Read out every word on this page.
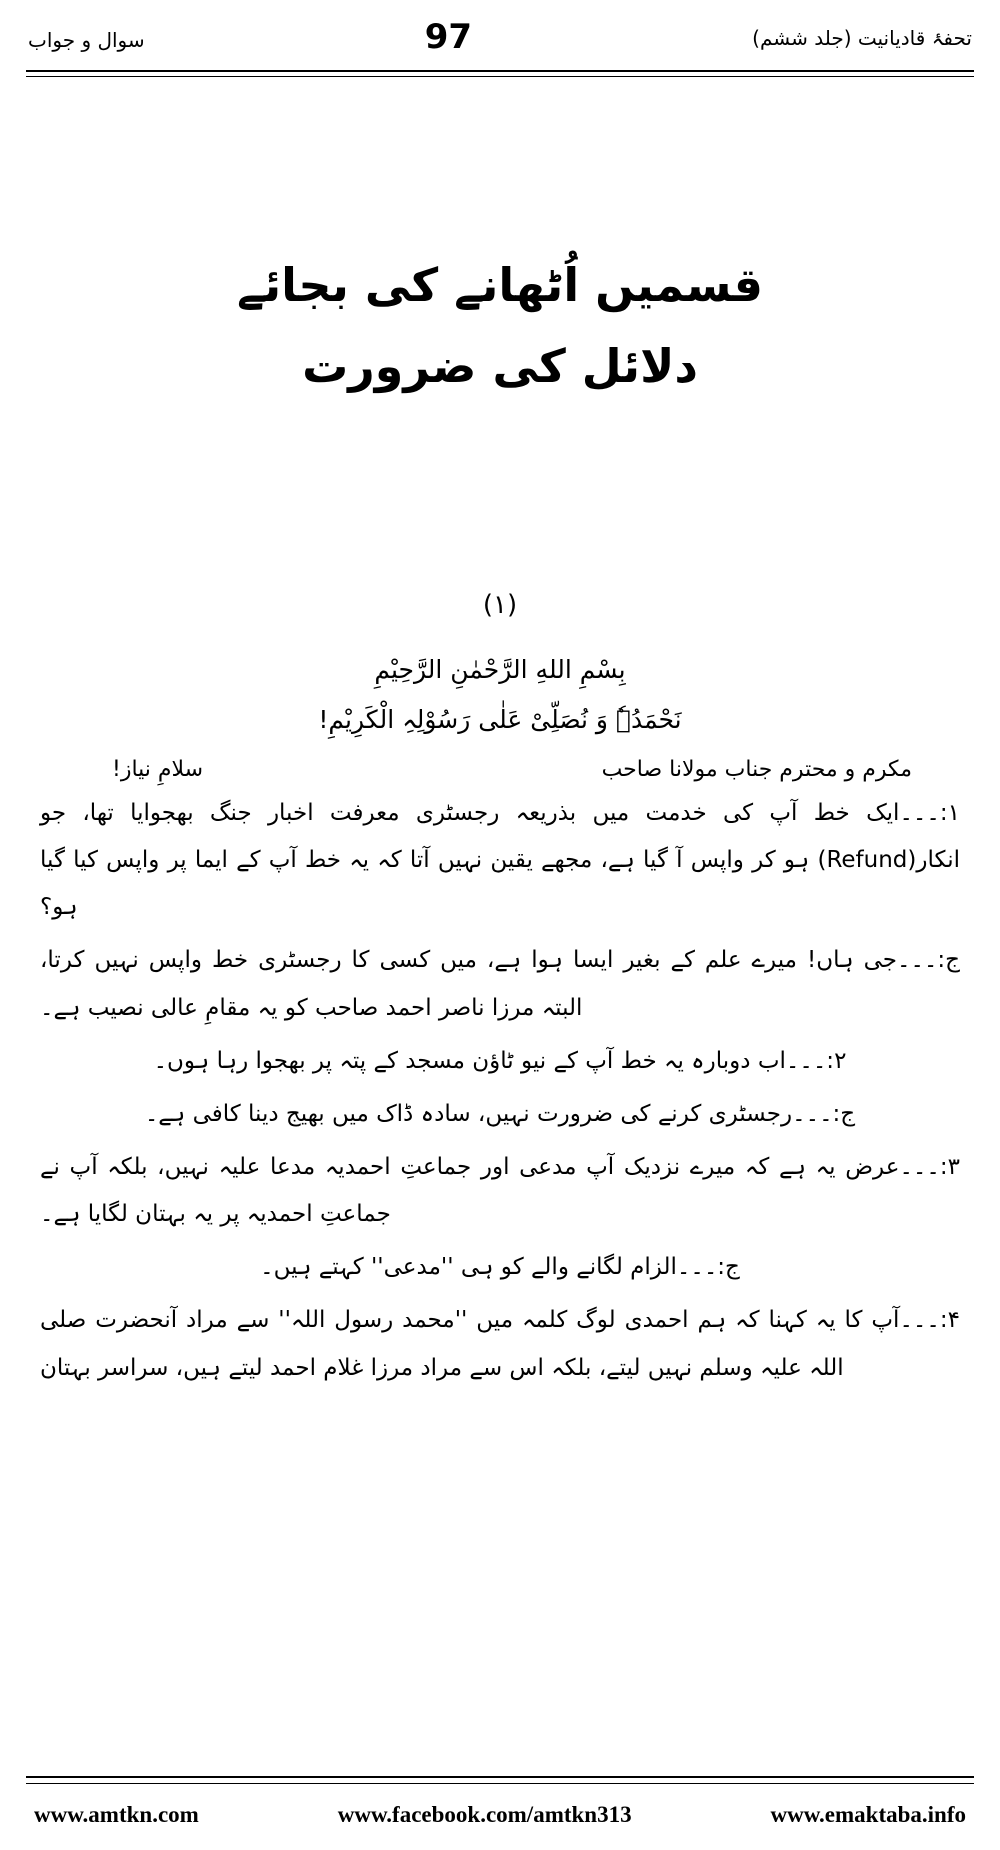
تحفۂ قادیانیت (جلد ششم)
97
سوال و جواب
قسمیں اُٹھانے کی بجائے
دلائل کی ضرورت
(۱)
بِسْمِ اللهِ الرَّحْمٰنِ الرَّحِیْمِ
نَحْمَدُہٗ وَ نُصَلِّیْ عَلٰی رَسُوْلِہِ الْکَرِیْمِ!
مکرم و محترم جناب مولانا صاحب
سلامِ نیاز!

۱:۔۔۔ایک خط آپ کی خدمت میں بذریعہ رجسٹری معرفت اخبار جنگ بھجوایا تھا، جو انکار(Refund) ہو کر واپس آ گیا ہے، مجھے یقین نہیں آتا کہ یہ خط آپ کے ایما پر واپس کیا گیا ہو؟

ج:۔۔۔جی ہاں! میرے علم کے بغیر ایسا ہوا ہے، میں کسی کا رجسٹری خط واپس نہیں کرتا، البتہ مرزا ناصر احمد صاحب کو یہ مقامِ عالی نصیب ہے۔

۲:۔۔۔اب دوبارہ یہ خط آپ کے نیو ٹاؤن مسجد کے پتہ پر بھجوا رہا ہوں۔

ج:۔۔۔رجسٹری کرنے کی ضرورت نہیں، سادہ ڈاک میں بھیج دینا کافی ہے۔

۳:۔۔۔عرض یہ ہے کہ میرے نزدیک آپ مدعی اور جماعتِ احمدیہ مدعا علیہ نہیں، بلکہ آپ نے جماعتِ احمدیہ پر یہ بہتان لگایا ہے۔

ج:۔۔۔الزام لگانے والے کو ہی ''مدعی'' کہتے ہیں۔

۴:۔۔۔آپ کا یہ کہنا کہ ہم احمدی لوگ کلمہ میں ''محمد رسول اللہ'' سے مراد آنحضرت صلی اللہ علیہ وسلم نہیں لیتے، بلکہ اس سے مراد مرزا غلام احمد لیتے ہیں، سراسر بہتان

www.amtkn.com	www.facebook.com/amtkn313	www.emaktaba.info
